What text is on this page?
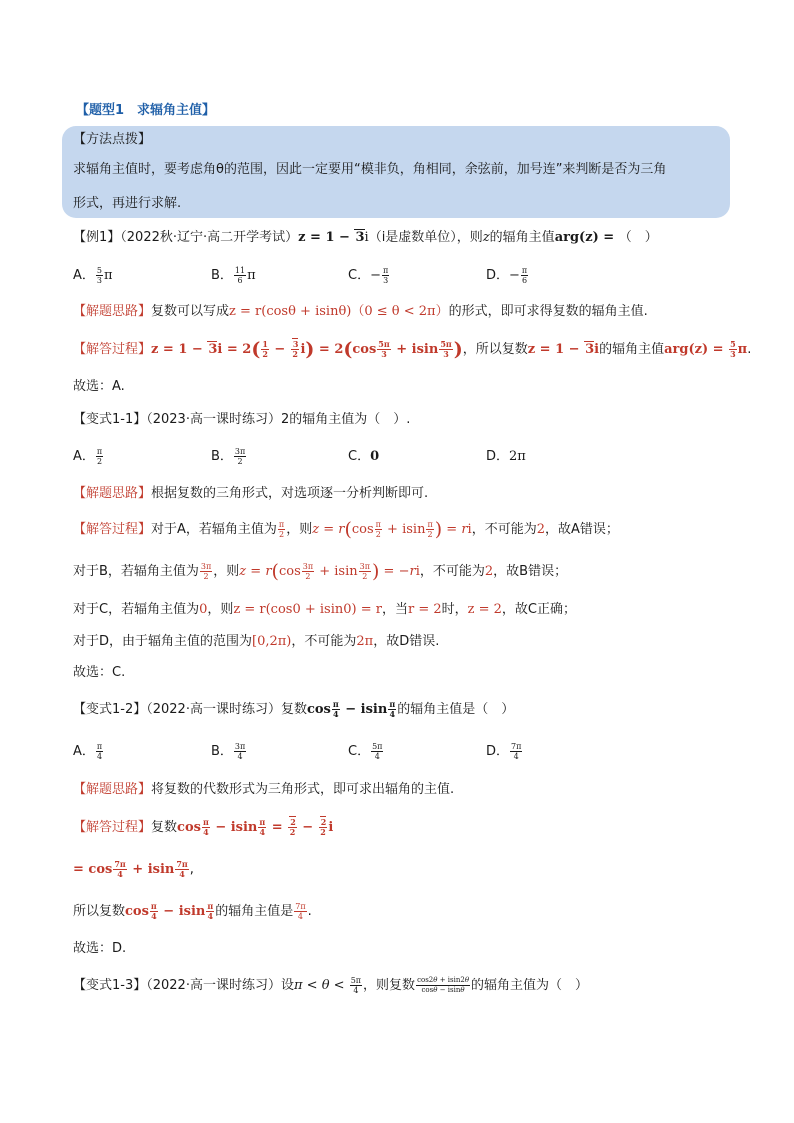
【题型1　求辐角主值】
【方法点拨】
求辐角主值时，要考虑角θ的范围，因此一定要用“模非负，角相同，余弦前，加号连”来判断是否为三角
形式，再进行求解.
【例1】（2022秋·辽宁·高二开学考试）z = 1 − 3i（i是虚数单位），则z的辐角主值arg(z) = （　）
A． $\frac{5}{3}$ π	B． $\frac{11}{6}$ π	C．− $\frac{\pi}{3}$	D．− $\frac{\pi}{6}$
【解题思路】复数可以写成z = r(cosθ + isinθ)（0 ≤ θ < 2π）的形式，即可求得复数的辐角主值.
【解答过程】$z = 1 - 3i = 2( \frac{1}{2} - \frac{3}{2} i) = 2(\cos \frac{5\pi}{3} + isin \frac{5\pi}{3}$ )，所以复数z = 1 − 3i的辐角主值$arg(z) = \frac{5}{3} \pi$.
故选：A.
【变式1-1】（2023·高一课时练习）2的辐角主值为（　）.
A． $\frac{\pi}{2}$	B． $\frac{3\pi}{2}$	C．0	D．2π
【解题思路】根据复数的三角形式，对选项逐一分析判断即可.
【解答过程】对于A，若辐角主值为 $\frac{\pi}{2}$ ，则$z = r(\cos \frac{\pi}{2} + isin \frac{\pi}{2}$ ) = ri，不可能为2，故A错误；
对于B，若辐角主值为 $\frac{3\pi}{2}$ ，则$z = r(\cos \frac{3\pi}{2} + isin \frac{3\pi}{2}$ ) = −ri，不可能为2，故B错误；
对于C，若辐角主值为0，则z = r(cos0 + isin0) = r，当r = 2时，z = 2，故C正确；
对于D，由于辐角主值的范围为[0,2π)，不可能为2π，故D错误.
故选：C.
【变式1-2】（2022·高一课时练习）复数$\cos \frac{\pi}{4} - isin \frac{\pi}{4}$ 的辐角主值是（　）
A． $\frac{\pi}{4}$	B． $\frac{3\pi}{4}$	C． $\frac{5\pi}{4}$	D． $\frac{7\pi}{4}$
【解题思路】将复数的代数形式为三角形式，即可求出辐角的主值.
【解答过程】复数$\cos \frac{\pi}{4} - isin \frac{\pi}{4} = \frac{2}{2} - \frac{2}{2}$ i
= $\cos \frac{7\pi}{4} + isin \frac{7\pi}{4}$ ,
所以复数$\cos \frac{\pi}{4} - isin \frac{\pi}{4}$ 的辐角主值是 $\frac{7\pi}{4}$ .
故选：D.
【变式1-3】（2022·高一课时练习）设$\pi < \theta < \frac{5\pi}{4}$ ，则复数 $\frac{\cos 2\theta + isin2\theta}{\cos\theta - isin\theta}$ 的辐角主值为（　）
